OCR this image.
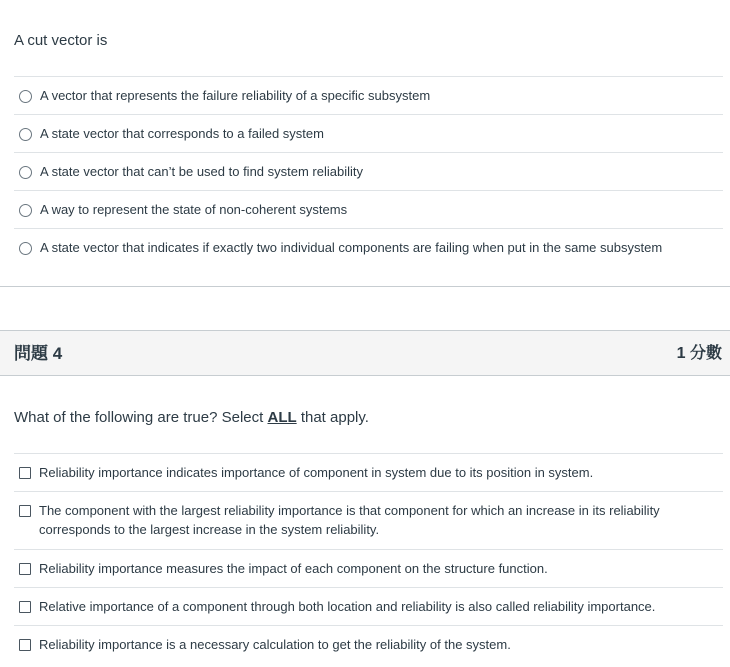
A cut vector is
A vector that represents the failure reliability of a specific subsystem
A state vector that corresponds to a failed system
A state vector that can’t be used to find system reliability
A way to represent the state of non-coherent systems
A state vector that indicates if exactly two individual components are failing when put in the same subsystem
問題 4	1 分數
What of the following are true? Select ALL that apply.
Reliability importance indicates importance of component in system due to its position in system.
The component with the largest reliability importance is that component for which an increase in its reliability corresponds to the largest increase in the system reliability.
Reliability importance measures the impact of each component on the structure function.
Relative importance of a component through both location and reliability is also called reliability importance.
Reliability importance is a necessary calculation to get the reliability of the system.
